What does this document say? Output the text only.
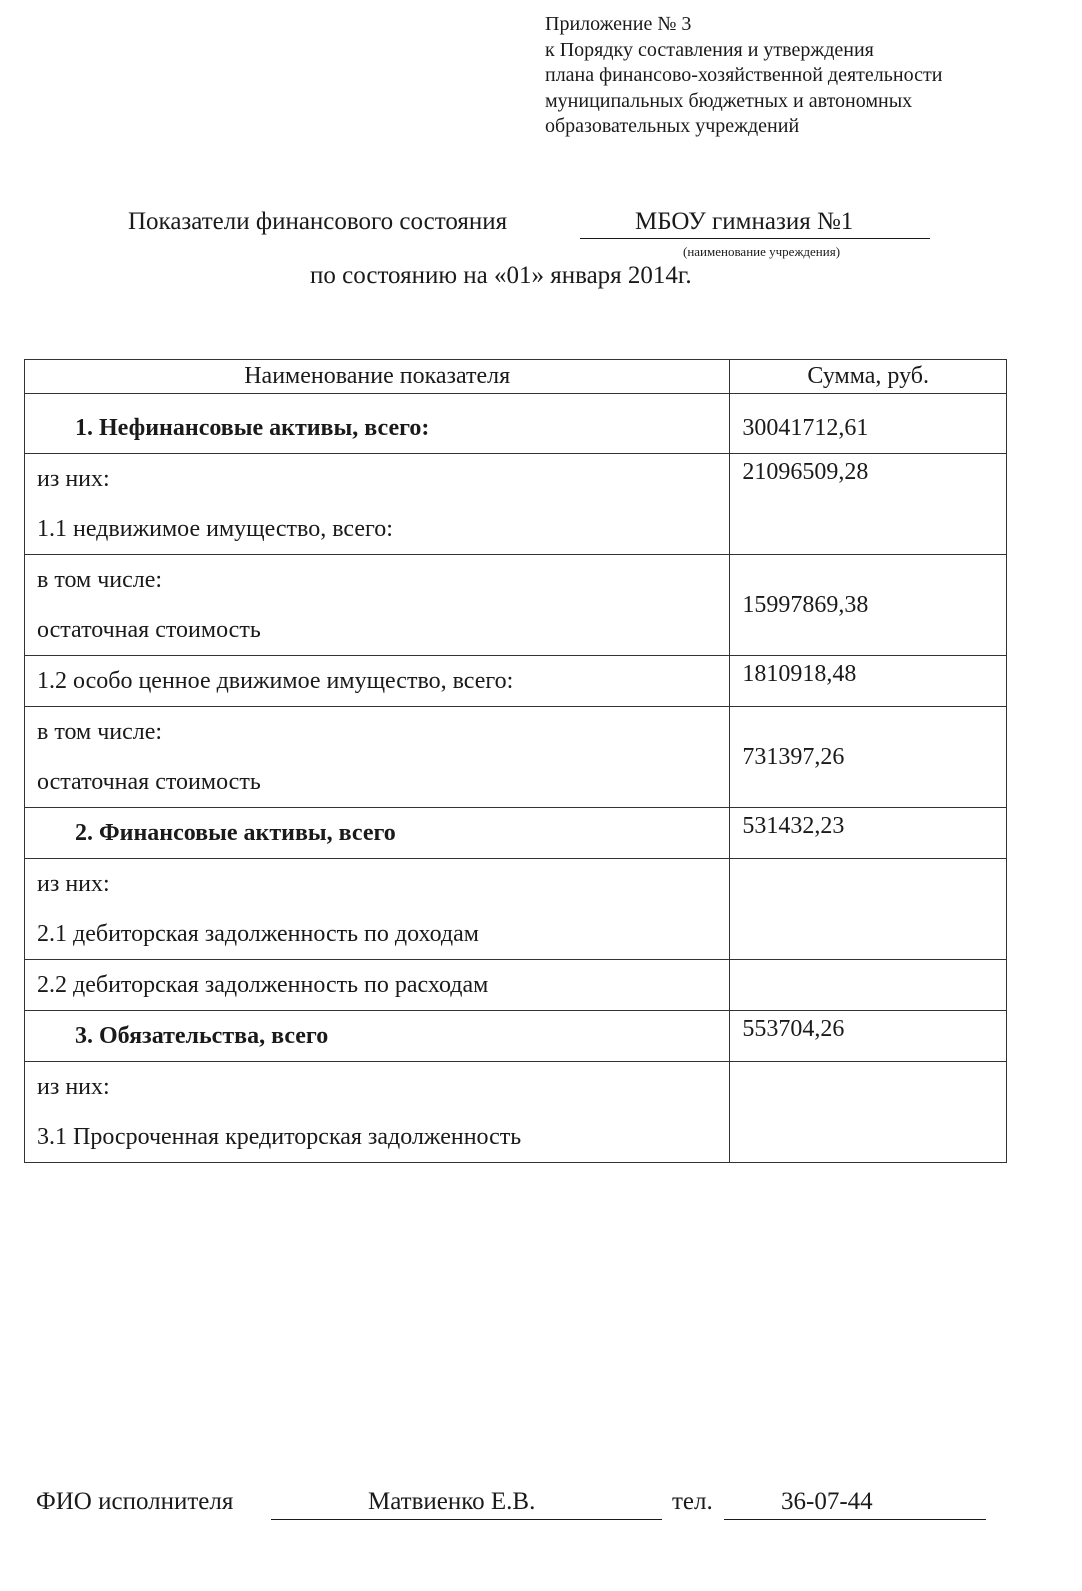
Приложение № 3
к Порядку составления и утверждения
плана финансово-хозяйственной деятельности
муниципальных бюджетных и автономных
образовательных учреждений
Показатели финансового состояния	МБОУ гимназия №1
(наименование учреждения)
по состоянию на «01» января 2014г.
Наименование показателя	Сумма, руб.

1. Нефинансовые активы, всего:	30041712,61

из них:
1.1 недвижимое имущество, всего:	21096509,28

в том числе:
остаточная стоимость	15997869,38

1.2 особо ценное движимое имущество, всего:	1810918,48

в том числе:
остаточная стоимость	731397,26

2. Финансовые активы, всего	531432,23

из них:
2.1 дебиторская задолженность по доходам	

2.2 дебиторская задолженность по расходам	

3. Обязательства, всего	553704,26

из них:
3.1 Просроченная кредиторская задолженность	

ФИО исполнителя	Матвиенко Е.В.	тел.	36-07-44
